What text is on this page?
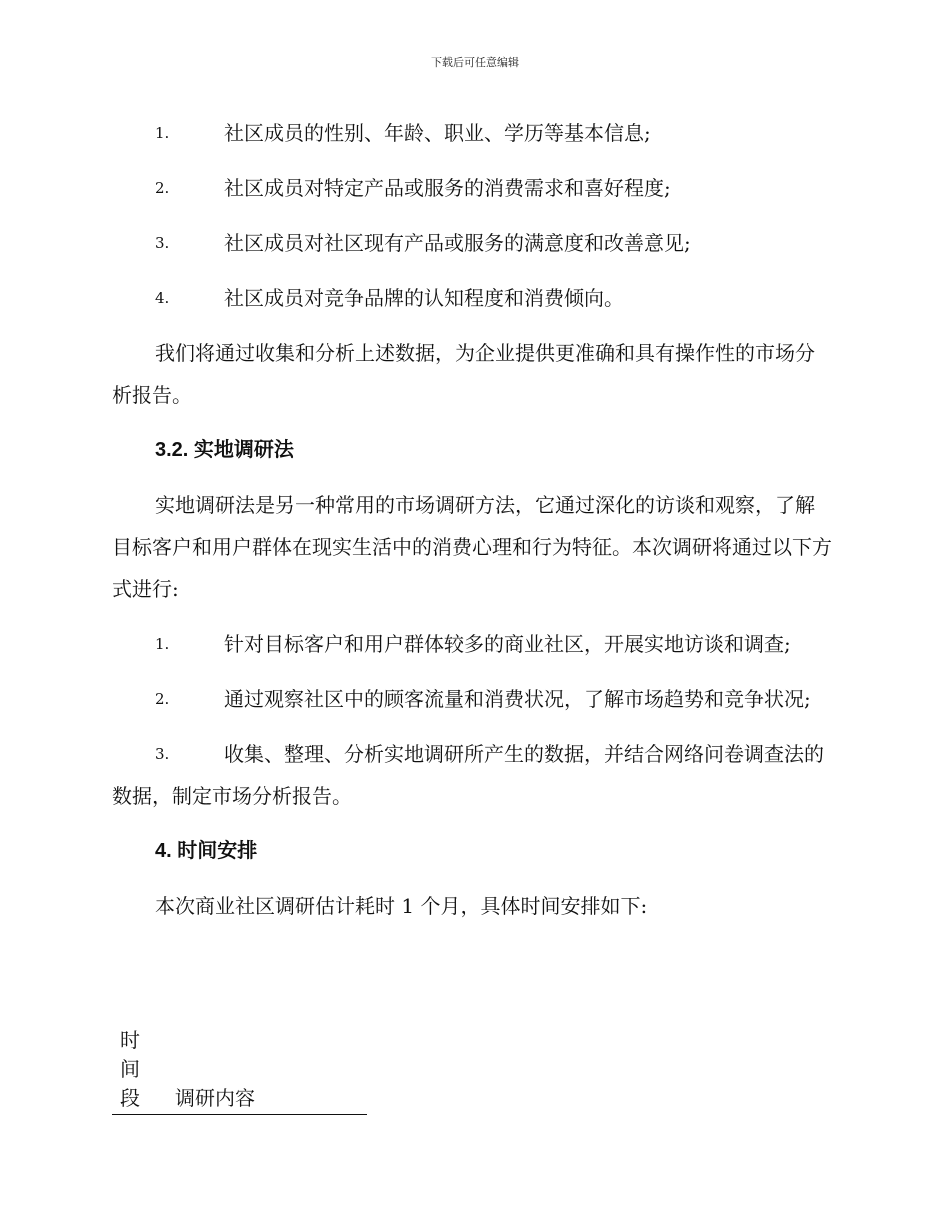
下载后可任意编辑
1.	社区成员的性别、年龄、职业、学历等基本信息;
2.	社区成员对特定产品或服务的消费需求和喜好程度;
3.	社区成员对社区现有产品或服务的满意度和改善意见;
4.	社区成员对竞争品牌的认知程度和消费倾向。
我们将通过收集和分析上述数据，为企业提供更准确和具有操作性的市场分析报告。
3.2. 实地调研法
实地调研法是另一种常用的市场调研方法，它通过深化的访谈和观察，了解目标客户和用户群体在现实生活中的消费心理和行为特征。本次调研将通过以下方式进行:
1.	针对目标客户和用户群体较多的商业社区，开展实地访谈和调查;
2.	通过观察社区中的顾客流量和消费状况，了解市场趋势和竞争状况;
3.	收集、整理、分析实地调研所产生的数据，并结合网络问卷调查法的数据，制定市场分析报告。
4. 时间安排
本次商业社区调研估计耗时 1 个月，具体时间安排如下:
时间段 调研内容
